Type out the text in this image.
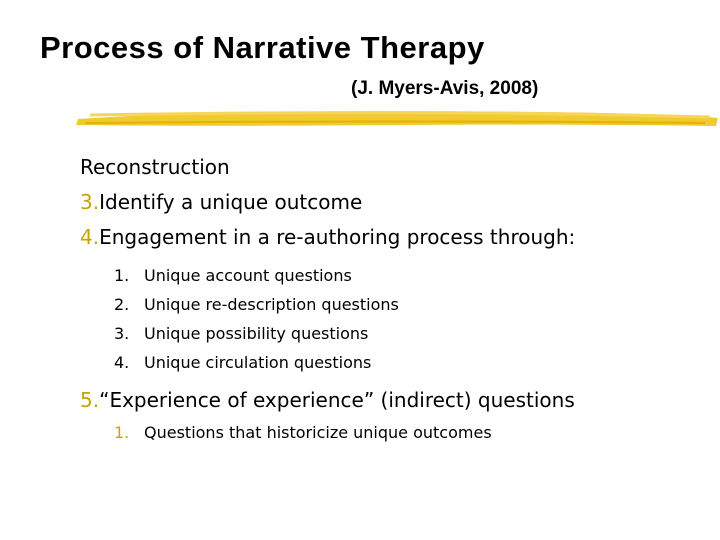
Process of Narrative Therapy
(J. Myers-Avis, 2008)
Reconstruction
3.Identify a unique outcome
4.Engagement in a re-authoring process through:
1. Unique account questions
2. Unique re-description questions
3. Unique possibility questions
4. Unique circulation questions
5.“Experience of experience” (indirect) questions
1. Questions that historicize unique outcomes
